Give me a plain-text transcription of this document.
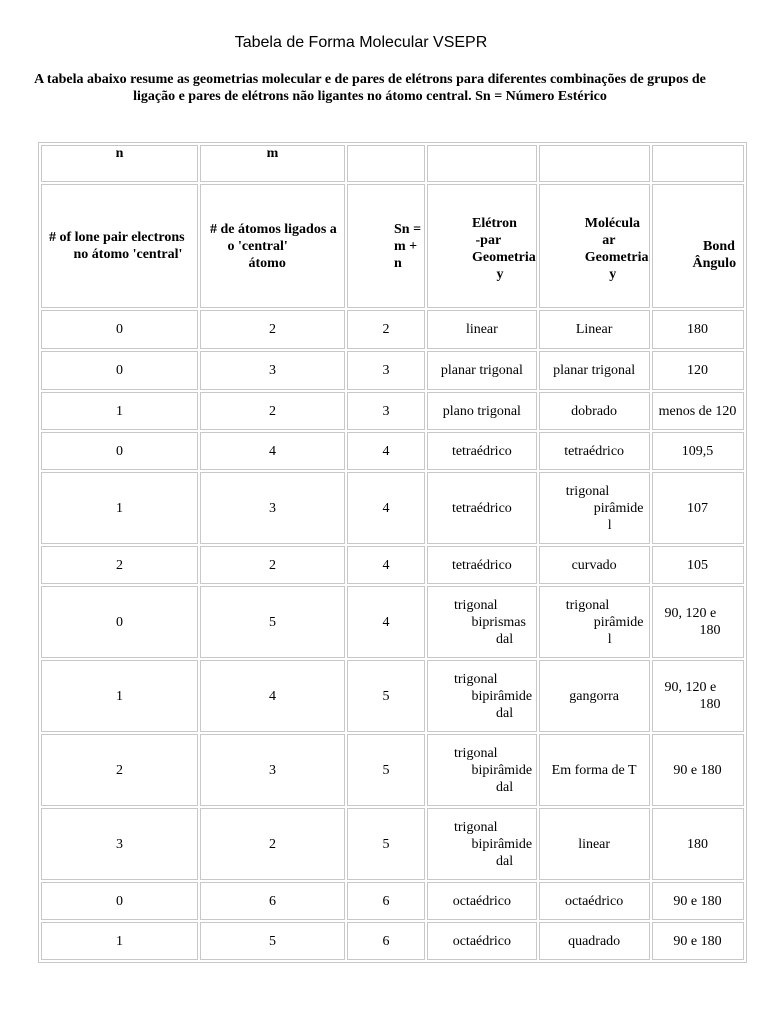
Tabela de Forma Molecular VSEPR
A tabela abaixo resume as geometrias molecular e de pares de elétrons para diferentes combinações de grupos de ligação e pares de elétrons não ligantes no átomo central. Sn = Número Estérico
n	m				
# of lone pair electrons
no átomo 'central'	# de átomos ligados a
o 'central'
átomo	Sn =
m +
n	Elétron
-par
Geometria
y	Molécula
ar
Geometria
y	Bond
Ângulo

0	2	2	linear	Linear	180

0	3	3	planar trigonal	planar trigonal	120

1	2	3	plano trigonal	dobrado	menos de 120

0	4	4	tetraédrico	tetraédrico	109,5

1	3	4	tetraédrico	trigonal
pirâmide
l	107

2	2	4	tetraédrico	curvado	105

0	5	4	trigonal
biprismas
dal	trigonal
pirâmide
l	90, 120 e
180

1	4	5	trigonal
bipirâmide
dal	gangorra	90, 120 e
180

2	3	5	trigonal
bipirâmide
dal	Em forma de T	90 e 180

3	2	5	trigonal
bipirâmide
dal	linear	180

0	6	6	octaédrico	octaédrico	90 e 180

1	5	6	octaédrico	quadrado	90 e 180
